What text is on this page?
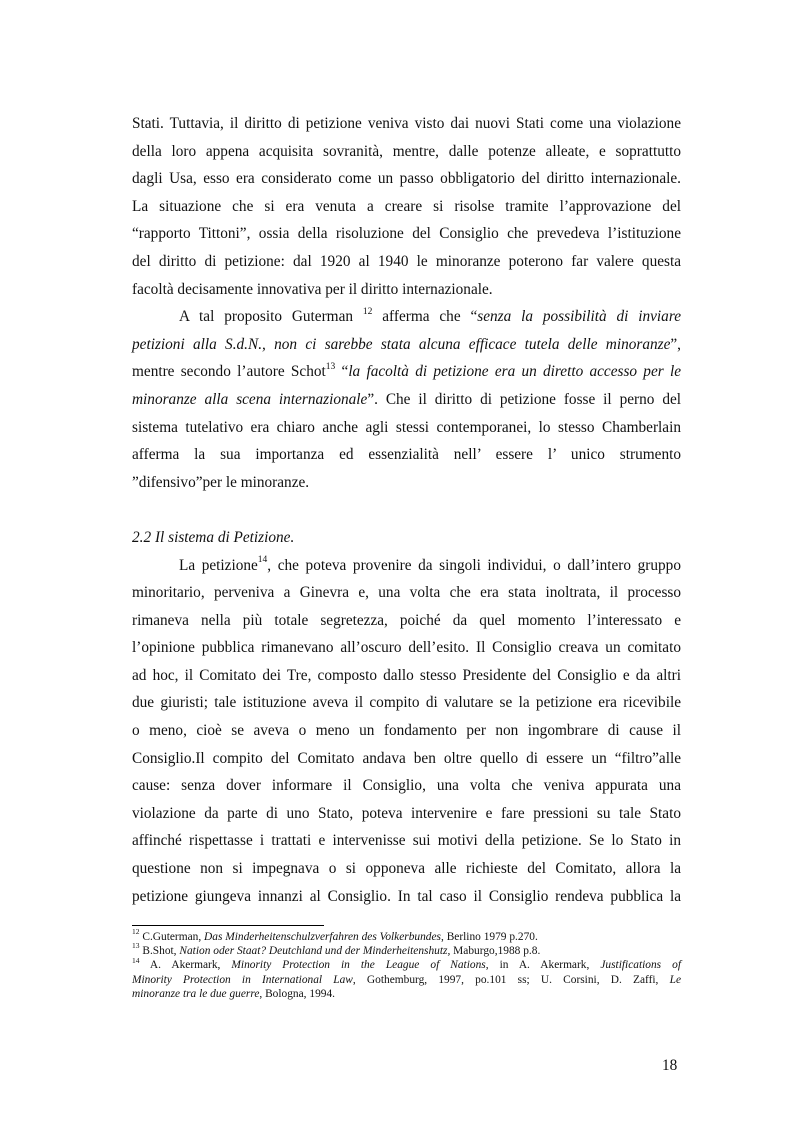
Stati. Tuttavia, il diritto di petizione veniva visto dai nuovi Stati come una violazione
della loro appena acquisita sovranità, mentre, dalle potenze alleate, e soprattutto
dagli Usa, esso era considerato come un passo obbligatorio del diritto internazionale.
La situazione che si era venuta a creare si risolse tramite l’approvazione del
“rapporto Tittoni”, ossia della risoluzione del Consiglio che prevedeva l’istituzione
del diritto di petizione: dal 1920 al 1940 le minoranze poterono far valere questa
facoltà decisamente innovativa per il diritto internazionale.
A tal proposito Guterman $^{12}$ afferma che “senza la possibilità di inviare
petizioni alla S.d.N., non ci sarebbe stata alcuna efficace tutela delle minoranze”,
mentre secondo l’autore Schot$^{13}$ “la facoltà di petizione era un diretto accesso per le
minoranze alla scena internazionale”. Che il diritto di petizione fosse il perno del
sistema tutelativo era chiaro anche agli stessi contemporanei, lo stesso Chamberlain
afferma la sua importanza ed essenzialità nell’ essere l’ unico strumento
”difensivo”per le minoranze.
2.2 Il sistema di Petizione.
La petizione$^{14}$, che poteva provenire da singoli individui, o dall’intero gruppo
minoritario, perveniva a Ginevra e, una volta che era stata inoltrata, il processo
rimaneva nella più totale segretezza, poiché da quel momento l’interessato e
l’opinione pubblica rimanevano all’oscuro dell’esito. Il Consiglio creava un comitato
ad hoc, il Comitato dei Tre, composto dallo stesso Presidente del Consiglio e da altri
due giuristi; tale istituzione aveva il compito di valutare se la petizione era ricevibile
o meno, cioè se aveva o meno un fondamento per non ingombrare di cause il
Consiglio.Il compito del Comitato andava ben oltre quello di essere un “filtro”alle
cause: senza dover informare il Consiglio, una volta che veniva appurata una
violazione da parte di uno Stato, poteva intervenire e fare pressioni su tale Stato
affinché rispettasse i trattati e intervenisse sui motivi della petizione. Se lo Stato in
questione non si impegnava o si opponeva alle richieste del Comitato, allora la
petizione giungeva innanzi al Consiglio. In tal caso il Consiglio rendeva pubblica la
$^{12}$ C.Guterman, Das Minderheitenschulzverfahren des Volkerbundes, Berlino 1979 p.270.
$^{13}$ B.Shot, Nation oder Staat? Deutchland und der Minderheitenshutz, Maburgo,1988 p.8.
$^{14}$ A. Akermark, Minority Protection in the League of Nations, in A. Akermark, Justifications of
Minority Protection in International Law, Gothemburg, 1997, po.101 ss; U. Corsini, D. Zaffi, Le
minoranze tra le due guerre, Bologna, 1994.
18
